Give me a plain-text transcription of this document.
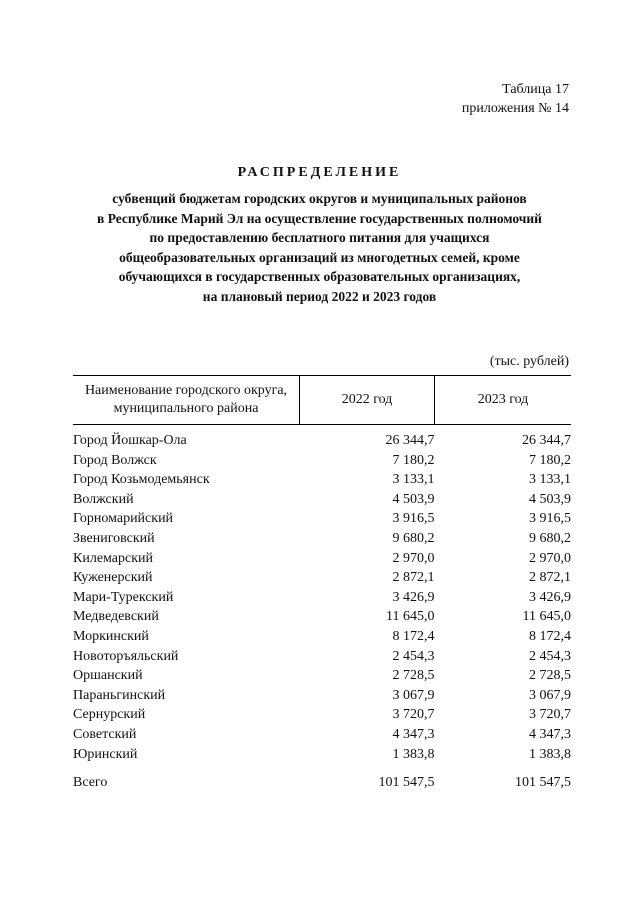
Таблица 17
приложения № 14
РАСПРЕДЕЛЕНИЕ
субвенций бюджетам городских округов и муниципальных районов
в Республике Марий Эл на осуществление государственных полномочий
по предоставлению бесплатного питания для учащихся
общеобразовательных организаций из многодетных семей, кроме
обучающихся в государственных образовательных организациях,
на плановый период 2022 и 2023 годов
(тыс. рублей)
Наименование городского округа,
муниципального района	2022 год	2023 год
Город Йошкар-Ола	26 344,7	26 344,7
Город Волжск	7 180,2	7 180,2
Город Козьмодемьянск	3 133,1	3 133,1
Волжский	4 503,9	4 503,9
Горномарийский	3 916,5	3 916,5
Звениговский	9 680,2	9 680,2
Килемарский	2 970,0	2 970,0
Куженерский	2 872,1	2 872,1
Мари-Турекский	3 426,9	3 426,9
Медведевский	11 645,0	11 645,0
Моркинский	8 172,4	8 172,4
Новоторъяльский	2 454,3	2 454,3
Оршанский	2 728,5	2 728,5
Параньгинский	3 067,9	3 067,9
Сернурский	3 720,7	3 720,7
Советский	4 347,3	4 347,3
Юринский	1 383,8	1 383,8
Всего	101 547,5	101 547,5
